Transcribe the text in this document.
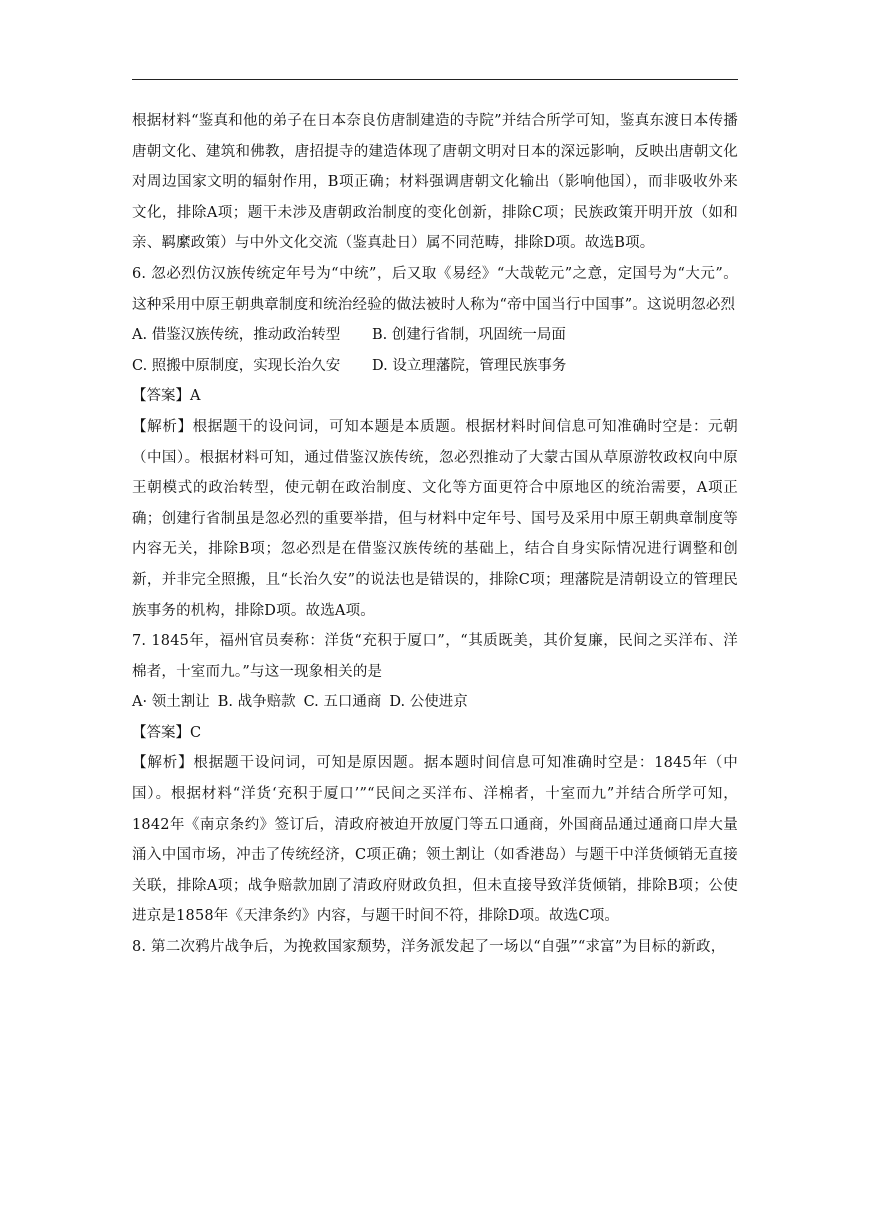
根据材料“鉴真和他的弟子在日本奈良仿唐制建造的寺院”并结合所学可知，鉴真东渡日本传播唐朝文化、建筑和佛教，唐招提寺的建造体现了唐朝文明对日本的深远影响，反映出唐朝文化对周边国家文明的辐射作用，B项正确；材料强调唐朝文化输出（影响他国），而非吸收外来文化，排除A项；题干未涉及唐朝政治制度的变化创新，排除C项；民族政策开明开放（如和亲、羁縻政策）与中外文化交流（鉴真赴日）属不同范畴，排除D项。故选B项。

6. 忽必烈仿汉族传统定年号为“中统”，后又取《易经》“大哉乾元”之意，定国号为“大元”。这种采用中原王朝典章制度和统治经验的做法被时人称为“帝中国当行中国事”。这说明忽必烈

A. 借鉴汉族传统，推动政治转型	B. 创建行省制，巩固统一局面
C. 照搬中原制度，实现长治久安	D. 设立理藩院，管理民族事务

【答案】A

【解析】根据题干的设问词，可知本题是本质题。根据材料时间信息可知准确时空是：元朝（中国）。根据材料可知，通过借鉴汉族传统，忽必烈推动了大蒙古国从草原游牧政权向中原王朝模式的政治转型，使元朝在政治制度、文化等方面更符合中原地区的统治需要，A项正确；创建行省制虽是忽必烈的重要举措，但与材料中定年号、国号及采用中原王朝典章制度等内容无关，排除B项；忽必烈是在借鉴汉族传统的基础上，结合自身实际情况进行调整和创新，并非完全照搬，且“长治久安”的说法也是错误的，排除C项；理藩院是清朝设立的管理民族事务的机构，排除D项。故选A项。

7. 1845年，福州官员奏称：洋货“充积于厦口”，“其质既美，其价复廉，民间之买洋布、洋棉者，十室而九。”与这一现象相关的是

A· 领土割让 B. 战争赔款 C. 五口通商 D. 公使进京

【答案】C

【解析】根据题干设问词，可知是原因题。据本题时间信息可知准确时空是：1845年（中国）。根据材料“洋货‘充积于厦口’”“民间之买洋布、洋棉者，十室而九”并结合所学可知，1842年《南京条约》签订后，清政府被迫开放厦门等五口通商，外国商品通过通商口岸大量涌入中国市场，冲击了传统经济，C项正确；领土割让（如香港岛）与题干中洋货倾销无直接关联，排除A项；战争赔款加剧了清政府财政负担，但未直接导致洋货倾销，排除B项；公使进京是1858年《天津条约》内容，与题干时间不符，排除D项。故选C项。

8. 第二次鸦片战争后，为挽救国家颓势，洋务派发起了一场以“自强”“求富”为目标的新政，
